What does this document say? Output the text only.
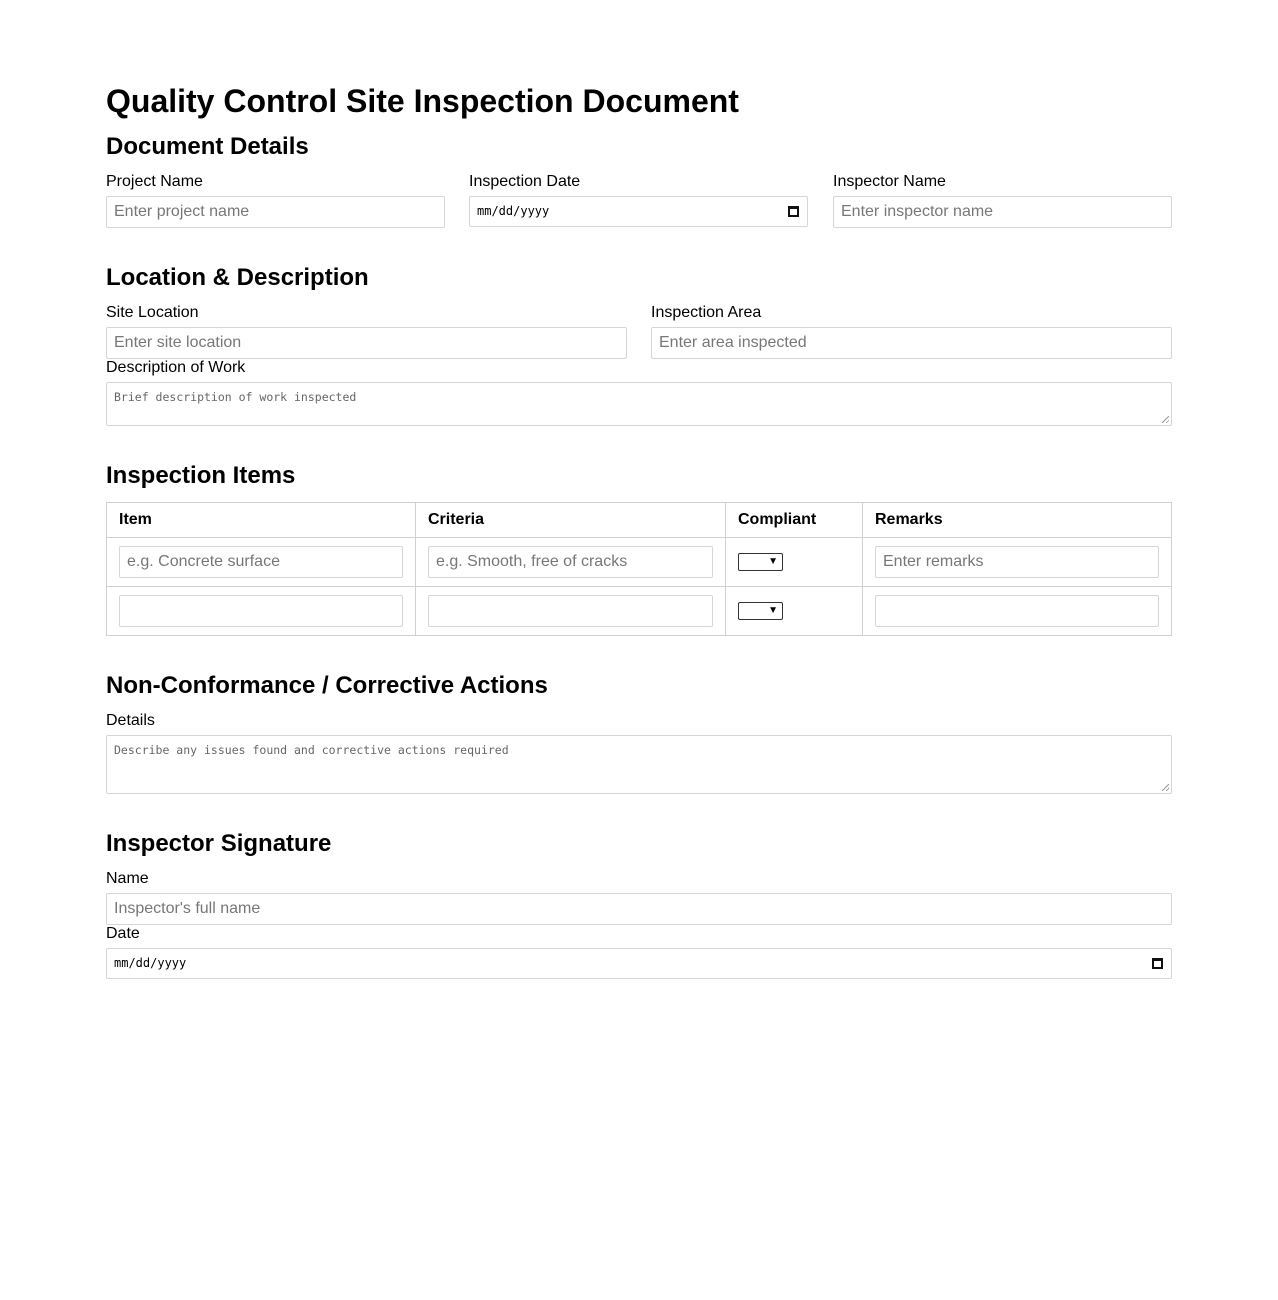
Quality Control Site Inspection Document
Document Details
Project Name
Enter project name
Inspection Date
mm/dd/yyyy
Inspector Name
Enter inspector name
Location & Description
Site Location
Enter site location
Inspection Area
Enter area inspected
Description of Work
Brief description of work inspected
Inspection Items
Item	Criteria	Compliant	Remarks

e.g. Concrete surface	e.g. Smooth, free of cracks	▼	Enter remarks

		▼	

Non-Conformance / Corrective Actions
Details
Describe any issues found and corrective actions required
Inspector Signature
Name
Inspector's full name
Date
mm/dd/yyyy
